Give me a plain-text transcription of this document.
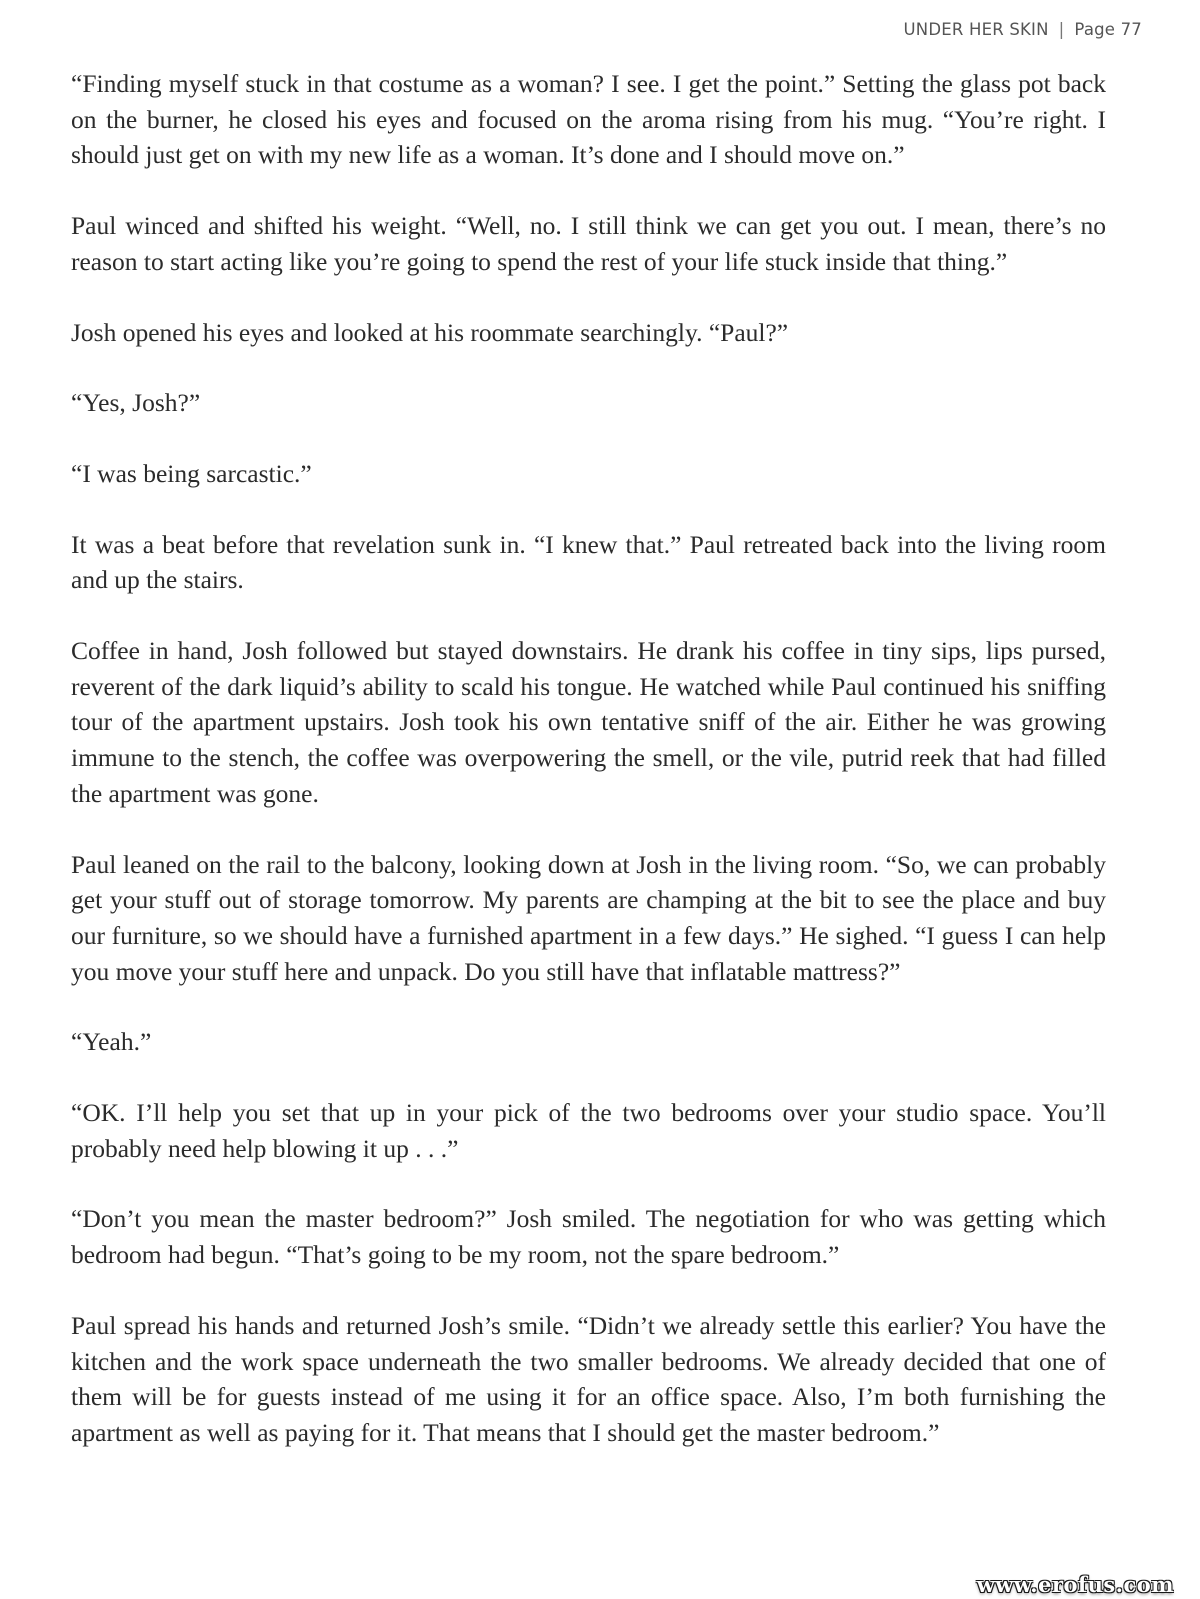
UNDER HER SKIN | Page 77

“Finding myself stuck in that costume as a woman? I see. I get the point.” Setting the glass pot back on the burner, he closed his eyes and focused on the aroma rising from his mug. “You’re right. I should just get on with my new life as a woman. It’s done and I should move on.”

Paul winced and shifted his weight. “Well, no. I still think we can get you out. I mean, there’s no reason to start acting like you’re going to spend the rest of your life stuck inside that thing.”

Josh opened his eyes and looked at his roommate searchingly. “Paul?”

“Yes, Josh?”

“I was being sarcastic.”

It was a beat before that revelation sunk in. “I knew that.” Paul retreated back into the living room and up the stairs.

Coffee in hand, Josh followed but stayed downstairs. He drank his coffee in tiny sips, lips pursed, reverent of the dark liquid’s ability to scald his tongue. He watched while Paul continued his sniffing tour of the apartment upstairs. Josh took his own tentative sniff of the air. Either he was growing immune to the stench, the coffee was overpowering the smell, or the vile, putrid reek that had filled the apartment was gone.

Paul leaned on the rail to the balcony, looking down at Josh in the living room. “So, we can probably get your stuff out of storage tomorrow. My parents are champing at the bit to see the place and buy our furniture, so we should have a furnished apartment in a few days.” He sighed. “I guess I can help you move your stuff here and unpack. Do you still have that inflatable mattress?”

“Yeah.”

“OK. I’ll help you set that up in your pick of the two bedrooms over your studio space. You’ll probably need help blowing it up . . .”

“Don’t you mean the master bedroom?” Josh smiled. The negotiation for who was getting which bedroom had begun. “That’s going to be my room, not the spare bedroom.”

Paul spread his hands and returned Josh’s smile. “Didn’t we already settle this earlier? You have the kitchen and the work space underneath the two smaller bedrooms. We already decided that one of them will be for guests instead of me using it for an office space. Also, I’m both furnishing the apartment as well as paying for it. That means that I should get the master bedroom.”

www.erofus.com
